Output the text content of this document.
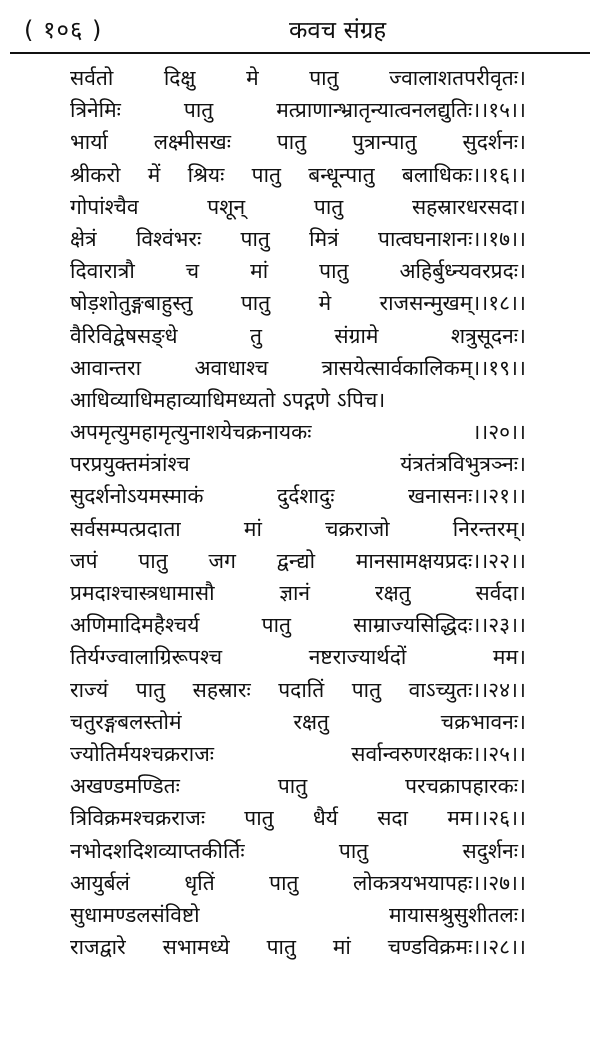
( १०६ )	कवच संग्रह
सर्वतो दिक्षु मे पातु ज्वालाशतपरीवृतः।
त्रिनेमिः	पातु	मत्प्राणान्भ्रातृन्यात्वनलद्युतिः।।१५।।
भार्या लक्ष्मीसखः पातु पुत्रान्पातु सुदर्शनः।
श्रीकरो में श्रियः पातु बन्धून्पातु बलाधिकः।।१६।।
गोपांश्चैव	पशून्	पातु	सहस्रारधरसदा।
क्षेत्रं विश्वंभरः पातु मित्रं पात्वघनाशनः।।१७।।
दिवारात्रौ च मां पातु अहिर्बुध्न्यवरप्रदः।
षोड़शोतुङ्गबाहुस्तु पातु मे राजसन्मुखम्।।१८।।
वैरिविद्वेषसङ्धे	तु	संग्रामे	शत्रुसूदनः।
आवान्तरा	अवाधाश्च	त्रासयेत्सार्वकालिकम्।।१९।।
आधिव्याधिमहाव्याधिमध्यतो ऽपद्गणे ऽपिच।
अपमृत्युमहामृत्युनाशयेचक्रनायकः	।।२०।।
परप्रयुक्तमंत्रांश्च	यंत्रतंत्रविभुत्रञ्नः।
सुदर्शनोऽयमस्माकं	दुर्दशादुः	खनासनः।।२१।।
सर्वसम्पत्प्रदाता	मां	चक्रराजो	निरन्तरम्।
जपं पातु जग द्वन्द्यो मानसामक्षयप्रदः।।२२।।
प्रमदाश्चास्त्रधामासौ	ज्ञानं	रक्षतु	सर्वदा।
अणिमादिमहैश्चर्य	पातु	साम्राज्यसिद्धिदः।।२३।।
तिर्यग्ज्वालाग्रिरूपश्च	नष्टराज्यार्थदों	मम।
राज्यं पातु सहस्रारः पदातिं पातु वाऽच्युतः।।२४।।
चतुरङ्गबलस्तोमं	रक्षतु	चक्रभावनः।
ज्योतिर्मयश्चक्रराजः	सर्वान्वरुणरक्षकः।।२५।।
अखण्डमण्डितः	पातु	परचक्रापहारकः।
त्रिविक्रमश्चक्रराजः पातु धैर्य सदा मम।।२६।।
नभोदशदिशव्याप्तकीर्तिः	पातु	सदुर्शनः।
आयुर्बलं	धृतिं	पातु	लोकत्रयभयापहः।।२७।।
सुधामण्डलसंविष्टो	मायासश्रुसुशीतलः।
राजद्वारे सभामध्ये पातु मां चण्डविक्रमः।।२८।।
